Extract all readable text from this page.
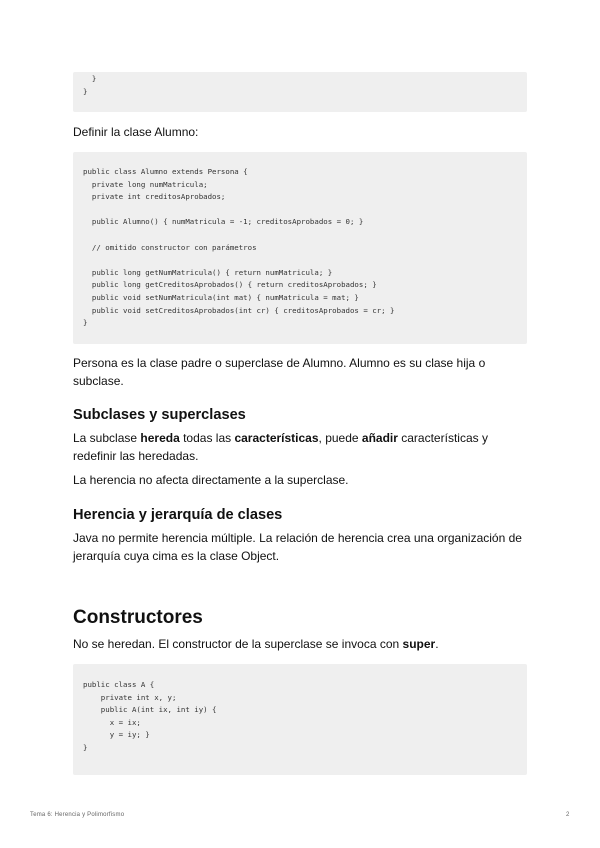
}
}
Definir la clase Alumno:
public class Alumno extends Persona {
private long numMatricula;
private int creditosAprobados;

public Alumno() { numMatricula = -1; creditosAprobados = 0; }

// omitido constructor con parámetros

public long getNumMatricula() { return numMatricula; }
public long getCreditosAprobados() { return creditosAprobados; }
public void setNumMatricula(int mat) { numMatricula = mat; }
public void setCreditosAprobados(int cr) { creditosAprobados = cr; }
}
Persona es la clase padre o superclase de Alumno. Alumno es su clase hija o subclase.
Subclases y superclases
La subclase hereda todas las características, puede añadir características y redefinir las heredadas.
La herencia no afecta directamente a la superclase.
Herencia y jerarquía de clases
Java no permite herencia múltiple. La relación de herencia crea una organización de jerarquía cuya cima es la clase Object.
Constructores
No se heredan. El constructor de la superclase se invoca con super.
public class A {
private int x, y;
public A(int ix, int iy) {
x = ix;
y = iy; }
}
Tema 6: Herencia y Polimorfismo	2
